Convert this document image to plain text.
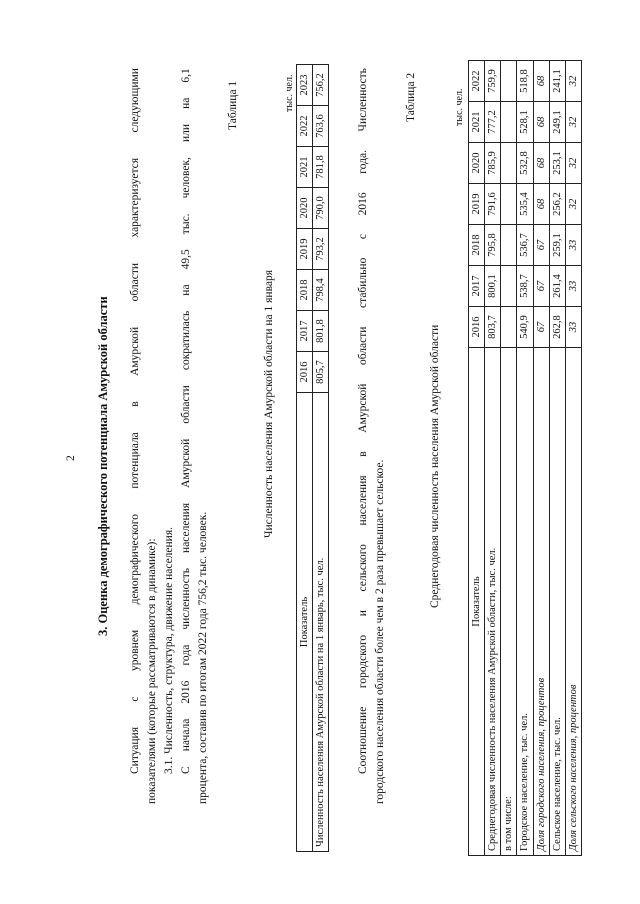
2 3. Оценка демографического потенциала Амурской области
Ситуация
с
уровнем
демографического
потенциала
в
Амурской
области
характеризуется
следующими
показателями (которые рассматриваются в динамике): 3.1. Численность, структура, движение населения. С
начала
2016
года
численность
населения
Амурской
области
сократилась
на
49,5
тыс.
человек,
или
на
6,1
процента, составив по итогам 2022 года 756,2 тыс. человек.
Таблица 1	тыс. чел.
Численность населения Амурской области на 1 января
Показатель	2016	2017	2018	2019	2020	2021	2022	2023
Численность населения Амурской области на 1 январь, тыс. чел.	805,7	801,8	798,4	793,2	790,0	781,8	763,6	756,2
Соотношение
городского
и
сельского
населения
в
Амурской
области
стабильно
с
2016
года.
Численность
городского населения области более чем в 2 раза превышает сельское.
Таблица 2
Среднегодовая численность населения Амурской области
тыс. чел.
Показатель	2016	2017	2018	2019	2020	2021	2022
Среднегодовая численность населения Амурской области, тыс. чел.	803,7	800,1	795,8	791,6	785,9	777,2	759,9
в том числе:							
Городское население, тыс. чел.	540,9	538,7	536,7	535,4	532,8	528,1	518,8
Доля городского населения, процентов	67	67	67	68	68	68	68
Сельское население, тыс. чел.	262,8	261,4	259,1	256,2	253,1	249,1	241,1
Доля сельского населения, процентов	33	33	33	32	32	32	32
